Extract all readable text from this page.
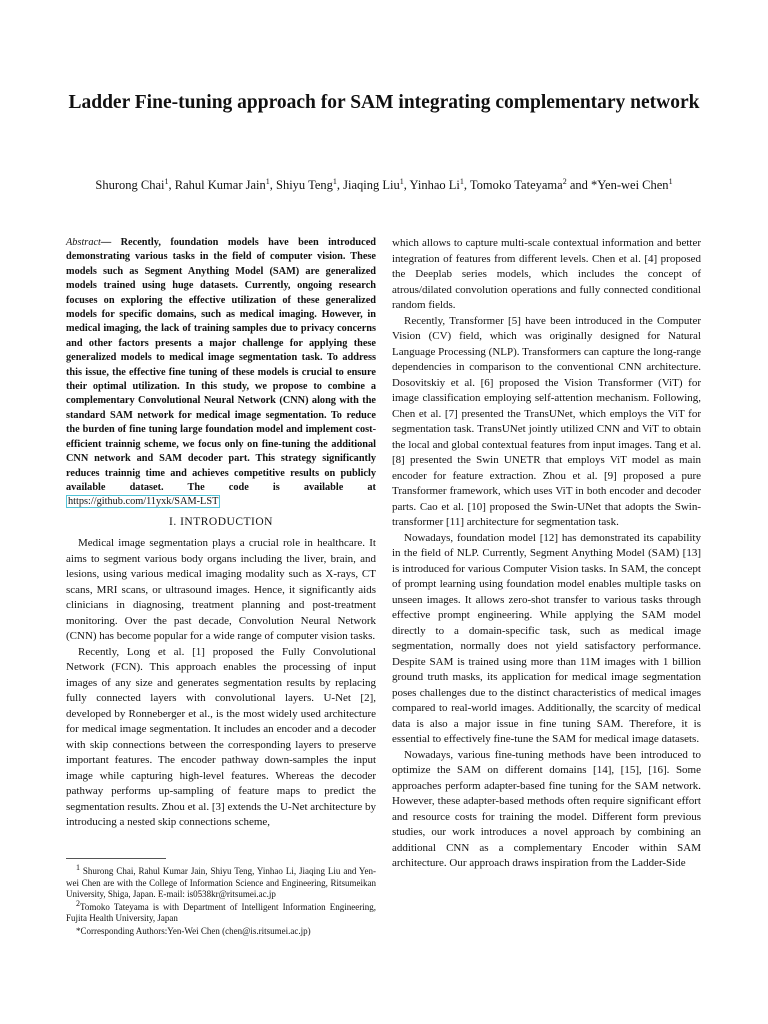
Ladder Fine-tuning approach for SAM integrating complementary network
Shurong Chai$^1$, Rahul Kumar Jain$^1$, Shiyu Teng$^1$, Jiaqing Liu$^1$, Yinhao Li$^1$, Tomoko Tateyama$^2$ and *Yen-wei Chen$^1$

Abstract— Recently, foundation models have been introduced demonstrating various tasks in the field of computer vision. These models such as Segment Anything Model (SAM) are generalized models trained using huge datasets. Currently, ongoing research focuses on exploring the effective utilization of these generalized models for specific domains, such as medical imaging. However, in medical imaging, the lack of training samples due to privacy concerns and other factors presents a major challenge for applying these generalized models to medical image segmentation task. To address this issue, the effective fine tuning of these models is crucial to ensure their optimal utilization. In this study, we propose to combine a complementary Convolutional Neural Network (CNN) along with the standard SAM network for medical image segmentation. To reduce the burden of fine tuning large foundation model and implement cost-efficient trainnig scheme, we focus only on fine-tuning the additional CNN network and SAM decoder part. This strategy significantly reduces trainnig time and achieves competitive results on publicly available dataset. The code is available at https://github.com/11yxk/SAM-LST

I. INTRODUCTION

Medical image segmentation plays a crucial role in healthcare. It aims to segment various body organs including the liver, brain, and lesions, using various medical imaging modality such as X-rays, CT scans, MRI scans, or ultrasound images. Hence, it significantly aids clinicians in diagnosing, treatment planning and post-treatment monitoring. Over the past decade, Convolution Neural Network (CNN) has become popular for a wide range of computer vision tasks.

Recently, Long et al. [1] proposed the Fully Convolutional Network (FCN). This approach enables the processing of input images of any size and generates segmentation results by replacing fully connected layers with convolutional layers. U-Net [2], developed by Ronneberger et al., is the most widely used architecture for medical image segmentation. It includes an encoder and a decoder with skip connections between the corresponding layers to preserve important features. The encoder pathway down-samples the input image while capturing high-level features. Whereas the decoder pathway performs up-sampling of feature maps to predict the segmentation results. Zhou et al. [3] extends the U-Net architecture by introducing a nested skip connections scheme,

which allows to capture multi-scale contextual information and better integration of features from different levels. Chen et al. [4] proposed the Deeplab series models, which includes the concept of atrous/dilated convolution operations and fully connected conditional random fields.

Recently, Transformer [5] have been introduced in the Computer Vision (CV) field, which was originally designed for Natural Language Processing (NLP). Transformers can capture the long-range dependencies in comparison to the conventional CNN architecture. Dosovitskiy et al. [6] proposed the Vision Transformer (ViT) for image classification employing self-attention mechanism. Following, Chen et al. [7] presented the TransUNet, which employs the ViT for segmentation task. TransUNet jointly utilized CNN and ViT to obtain the local and global contextual features from input images. Tang et al. [8] presented the Swin UNETR that employs ViT model as main encoder for feature extraction. Zhou et al. [9] proposed a pure Transformer framework, which uses ViT in both encoder and decoder parts. Cao et al. [10] proposed the Swin-UNet that adopts the Swin-transformer [11] architecture for segmentation task.

Nowadays, foundation model [12] has demonstrated its capability in the field of NLP. Currently, Segment Anything Model (SAM) [13] is introduced for various Computer Vision tasks. In SAM, the concept of prompt learning using foundation model enables multiple tasks on unseen images. It allows zero-shot transfer to various tasks through effective prompt engineering. While applying the SAM model directly to a domain-specific task, such as medical image segmentation, normally does not yield satisfactory performance. Despite SAM is trained using more than 11M images with 1 billion ground truth masks, its application for medical image segmentation poses challenges due to the distinct characteristics of medical images compared to real-world images. Additionally, the scarcity of medical data is also a major issue in fine tuning SAM. Therefore, it is essential to effectively fine-tune the SAM for medical image datasets.

Nowadays, various fine-tuning methods have been introduced to optimize the SAM on different domains [14], [15], [16]. Some approaches perform adapter-based fine tuning for the SAM network. However, these adapter-based methods often require significant effort and resource costs for training the model. Different form previous studies, our work introduces a novel approach by combining an additional CNN as a complementary Encoder within SAM architecture. Our approach draws inspiration from the Ladder-Side

$^1$ Shurong Chai, Rahul Kumar Jain, Shiyu Teng, Yinhao Li, Jiaqing Liu and Yen-wei Chen are with the College of Information Science and Engineering, Ritsumeikan University, Shiga, Japan. E-mail: is0538kr@ritsumei.ac.jp

$^2$Tomoko Tateyama is with Department of Intelligent Information Engineering, Fujita Health University, Japan

*Corresponding Authors:Yen-Wei Chen (chen@is.ritsumei.ac.jp)
